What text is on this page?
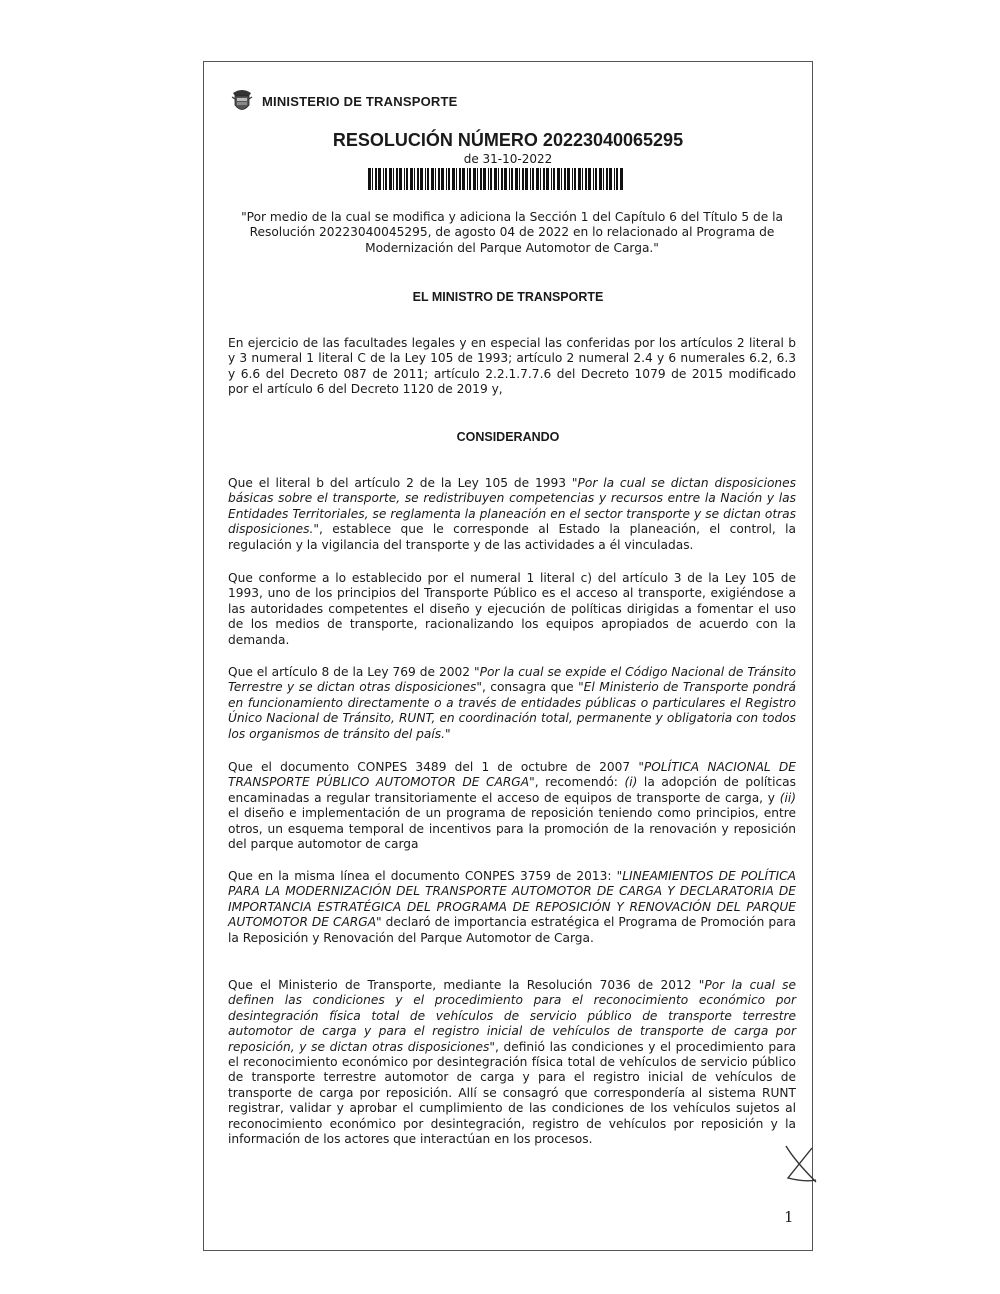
MINISTERIO DE TRANSPORTE
RESOLUCIÓN NÚMERO 20223040065295
de 31-10-2022

"Por medio de la cual se modifica y adiciona la Sección 1 del Capítulo 6 del Título 5 de la Resolución 20223040045295, de agosto 04 de 2022 en lo relacionado al Programa de Modernización del Parque Automotor de Carga."

EL MINISTRO DE TRANSPORTE

En ejercicio de las facultades legales y en especial las conferidas por los artículos 2 literal b y 3 numeral 1 literal C de la Ley 105 de 1993; artículo 2 numeral 2.4 y 6 numerales 6.2, 6.3 y 6.6 del Decreto 087 de 2011; artículo 2.2.1.7.7.6 del Decreto 1079 de 2015 modificado por el artículo 6 del Decreto 1120 de 2019 y,

CONSIDERANDO

Que el literal b del artículo 2 de la Ley 105 de 1993 "Por la cual se dictan disposiciones básicas sobre el transporte, se redistribuyen competencias y recursos entre la Nación y las Entidades Territoriales, se reglamenta la planeación en el sector transporte y se dictan otras disposiciones.", establece que le corresponde al Estado la planeación, el control, la regulación y la vigilancia del transporte y de las actividades a él vinculadas.

Que conforme a lo establecido por el numeral 1 literal c) del artículo 3 de la Ley 105 de 1993, uno de los principios del Transporte Público es el acceso al transporte, exigiéndose a las autoridades competentes el diseño y ejecución de políticas dirigidas a fomentar el uso de los medios de transporte, racionalizando los equipos apropiados de acuerdo con la demanda.

Que el artículo 8 de la Ley 769 de 2002 "Por la cual se expide el Código Nacional de Tránsito Terrestre y se dictan otras disposiciones", consagra que "El Ministerio de Transporte pondrá en funcionamiento directamente o a través de entidades públicas o particulares el Registro Único Nacional de Tránsito, RUNT, en coordinación total, permanente y obligatoria con todos los organismos de tránsito del país."

Que el documento CONPES 3489 del 1 de octubre de 2007 "POLÍTICA NACIONAL DE TRANSPORTE PÚBLICO AUTOMOTOR DE CARGA", recomendó: (i) la adopción de políticas encaminadas a regular transitoriamente el acceso de equipos de transporte de carga, y (ii) el diseño e implementación de un programa de reposición teniendo como principios, entre otros, un esquema temporal de incentivos para la promoción de la renovación y reposición del parque automotor de carga

Que en la misma línea el documento CONPES 3759 de 2013: "LINEAMIENTOS DE POLÍTICA PARA LA MODERNIZACIÓN DEL TRANSPORTE AUTOMOTOR DE CARGA Y DECLARATORIA DE IMPORTANCIA ESTRATÉGICA DEL PROGRAMA DE REPOSICIÓN Y RENOVACIÓN DEL PARQUE AUTOMOTOR DE CARGA" declaró de importancia estratégica el Programa de Promoción para la Reposición y Renovación del Parque Automotor de Carga.

Que el Ministerio de Transporte, mediante la Resolución 7036 de 2012 "Por la cual se definen las condiciones y el procedimiento para el reconocimiento económico por desintegración física total de vehículos de servicio público de transporte terrestre automotor de carga y para el registro inicial de vehículos de transporte de carga por reposición, y se dictan otras disposiciones", definió las condiciones y el procedimiento para el reconocimiento económico por desintegración física total de vehículos de servicio público de transporte terrestre automotor de carga y para el registro inicial de vehículos de transporte de carga por reposición. Allí se consagró que correspondería al sistema RUNT registrar, validar y aprobar el cumplimiento de las condiciones de los vehículos sujetos al reconocimiento económico por desintegración, registro de vehículos por reposición y la información de los actores que interactúan en los procesos.

1
